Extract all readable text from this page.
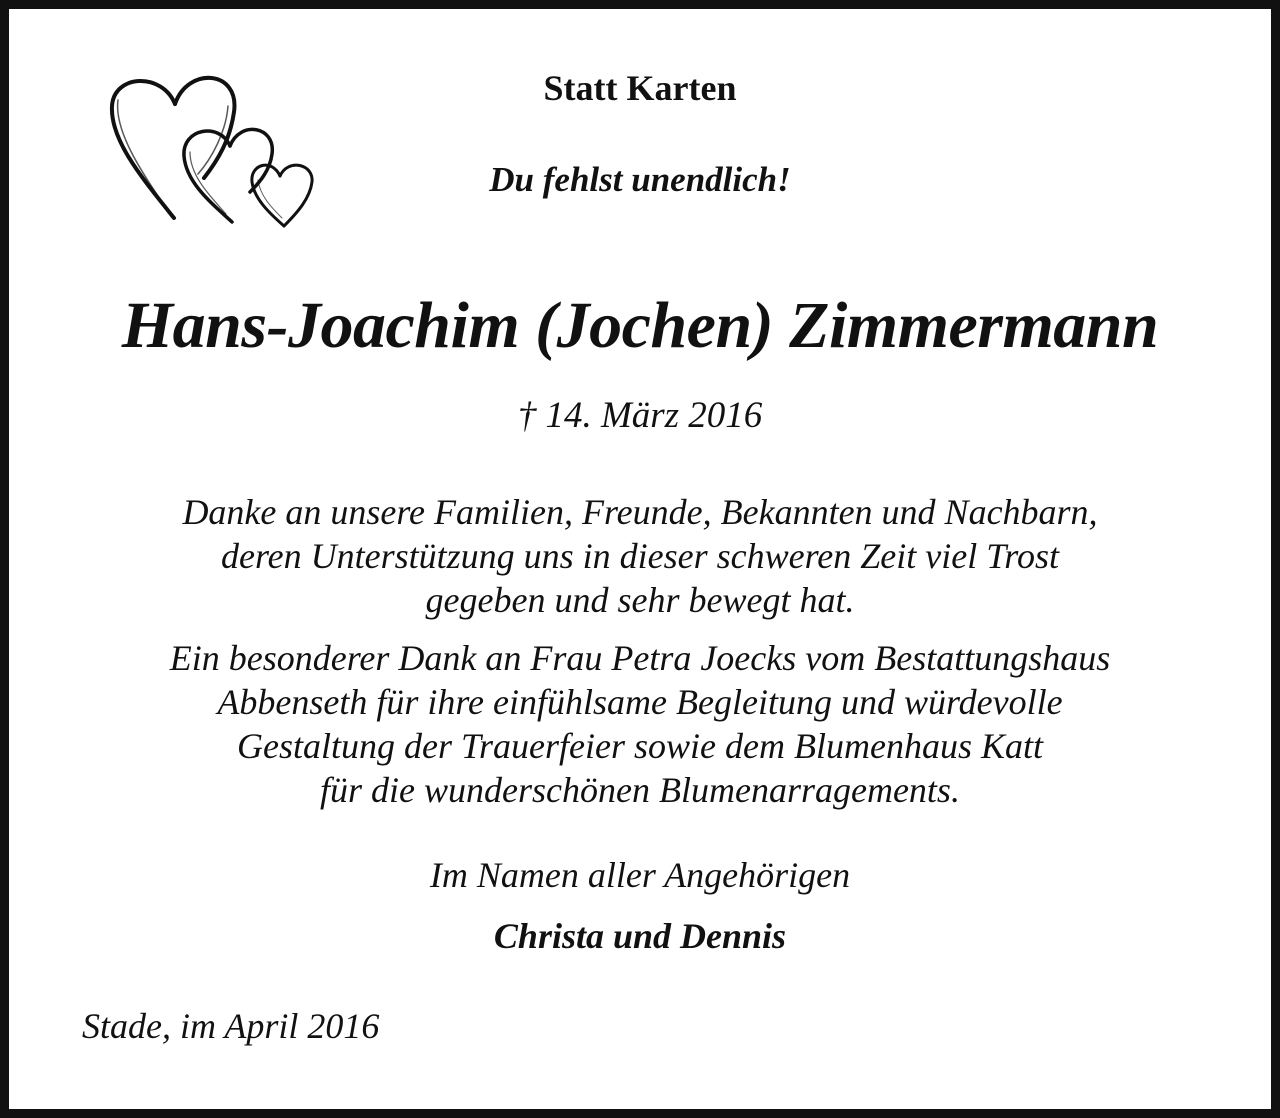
Statt Karten
Du fehlst unendlich!
Hans-Joachim (Jochen) Zimmermann
† 14. März 2016
Danke an unsere Familien, Freunde, Bekannten und Nachbarn,
deren Unterstützung uns in dieser schweren Zeit viel Trost
gegeben und sehr bewegt hat.
Ein besonderer Dank an Frau Petra Joecks vom Bestattungshaus
Abbenseth für ihre einfühlsame Begleitung und würdevolle
Gestaltung der Trauerfeier sowie dem Blumenhaus Katt
für die wunderschönen Blumenarragements.
Im Namen aller Angehörigen
Christa und Dennis
Stade, im April 2016
